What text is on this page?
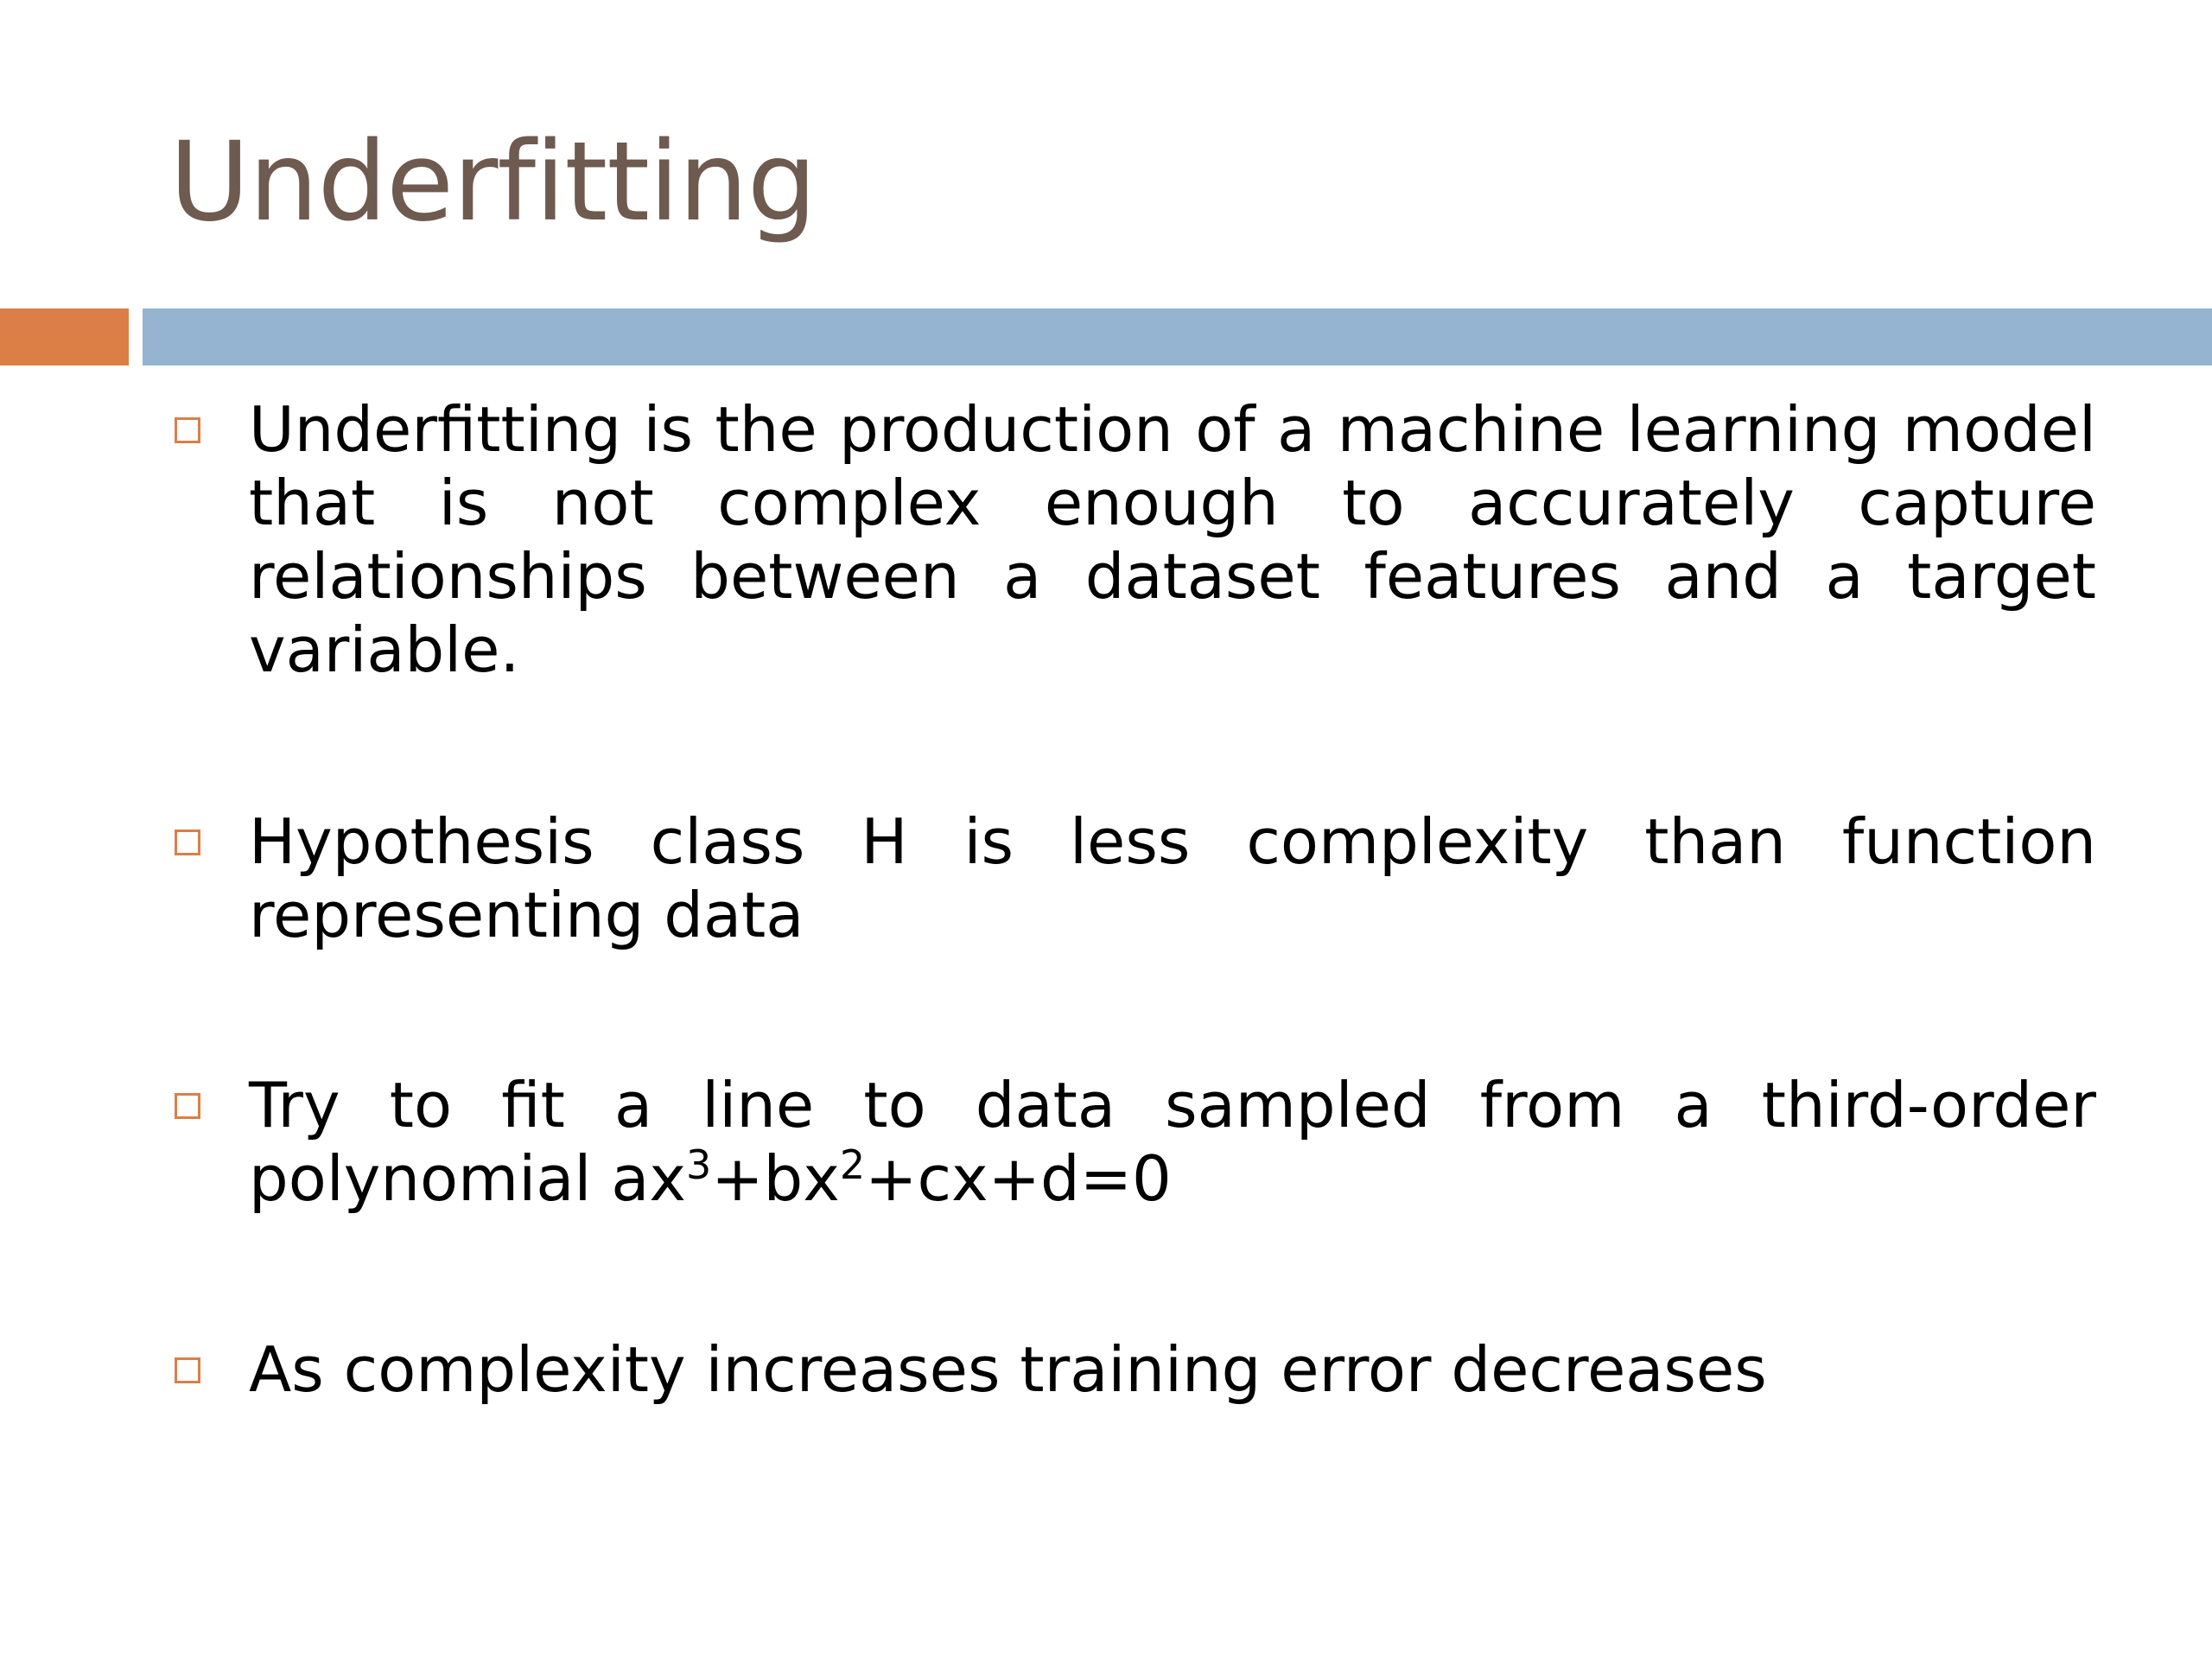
Underfitting

Underfitting is the production of a machine learning model that is not complex enough to accurately capture relationships between a dataset features and a target variable.

Hypothesis class H is less complexity than function representing data

Try to fit a line to data sampled from a third-order polynomial $ax^3+bx^2+cx+d=0$

As complexity increases training error decreases
